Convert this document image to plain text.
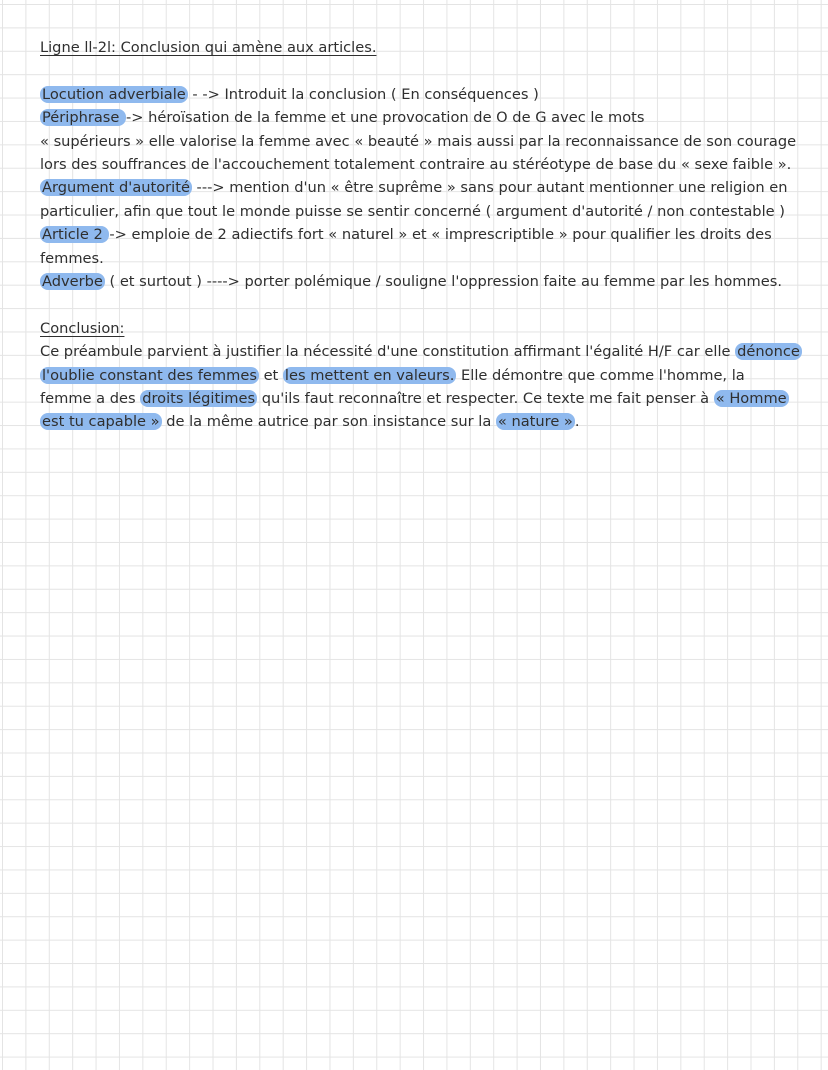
Ligne ll-2l: Conclusion qui amène aux articles.
Locution adverbiale - -> Introduit la conclusion ( En conséquences )
Périphrase -> héroïsation de la femme et une provocation de O de G avec le mots
« supérieurs » elle valorise la femme avec « beauté » mais aussi par la reconnaissance de son courage
lors des souffrances de l'accouchement totalement contraire au stéréotype de base du « sexe faible ».
Argument d'autorité ---> mention d'un « être suprême » sans pour autant mentionner une religion en
particulier, afin que tout le monde puisse se sentir concerné ( argument d'autorité / non contestable )
Article 2 -> emploie de 2 adiectifs fort « naturel » et « imprescriptible » pour qualifier les droits des
femmes.
Adverbe ( et surtout ) ----> porter polémique / souligne l'oppression faite au femme par les hommes.
Conclusion:
Ce préambule parvient à justifier la nécessité d'une constitution affirmant l'égalité H/F car elle dénonce l'oublie constant des femmes et les mettent en valeurs. Elle démontre que comme l'homme, la femme a des droits légitimes qu'ils faut reconnaître et respecter. Ce texte me fait penser à « Homme est tu capable » de la même autrice par son insistance sur la « nature » .
